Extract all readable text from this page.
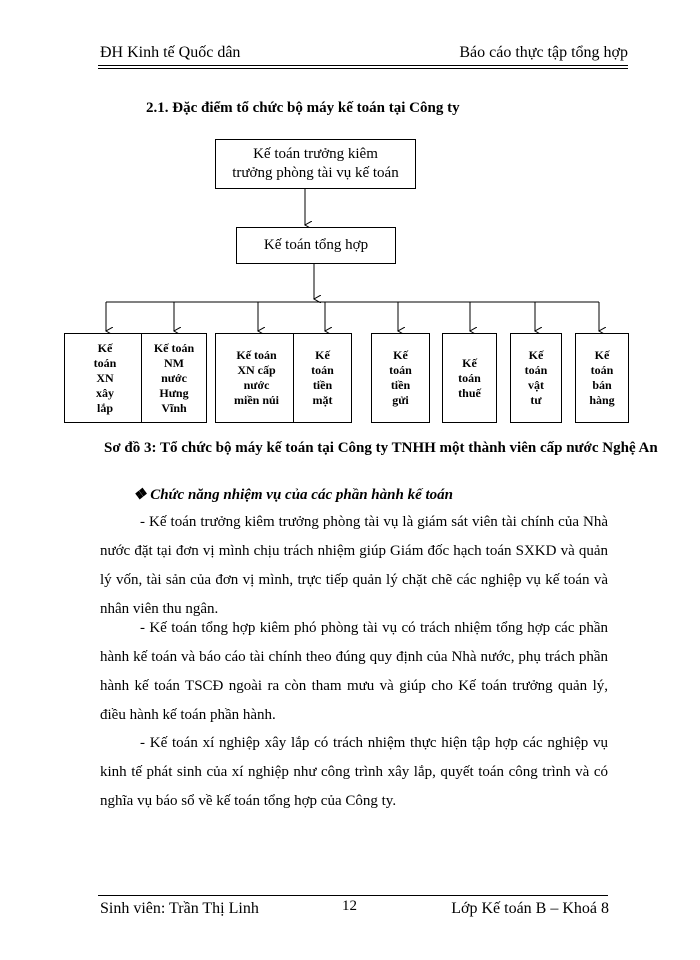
ĐH Kinh tế Quốc dân	Báo cáo thực tập tổng hợp
2.1. Đặc điểm tổ chức bộ máy kế toán tại Công ty
Kế toán trưởng kiêm
trưởng phòng tài vụ kế toán
Kế toán tổng hợp
Kế
toán
XN
xây
lắp
Kế toán
NM
nước
Hưng
Vĩnh
Kế toán
XN cấp
nước
miền núi
Kế
toán
tiền
mặt
Kế
toán
tiền
gửi
Kế
toán
thuế
Kế
toán
vật
tư
Kế
toán
bán
hàng
Sơ đồ 3: Tổ chức bộ máy kế toán tại Công ty TNHH một thành viên cấp nước Nghệ An
❖ Chức năng nhiệm vụ của các phần hành kế toán
- Kế toán trưởng kiêm trưởng phòng tài vụ là giám sát viên tài chính của Nhà nước đặt tại đơn vị mình chịu trách nhiệm giúp Giám đốc hạch toán SXKD và quản lý vốn, tài sản của đơn vị mình, trực tiếp quản lý chặt chẽ các nghiệp vụ kế toán và nhân viên thu ngân.
- Kế toán tổng hợp kiêm phó phòng tài vụ có trách nhiệm tổng hợp các phần hành kế toán và báo cáo tài chính theo đúng quy định của Nhà nước, phụ trách phần hành kế toán TSCĐ ngoài ra còn tham mưu và giúp cho Kế toán trưởng quản lý, điều hành kế toán phần hành.
- Kế toán xí nghiệp xây lắp có trách nhiệm thực hiện tập hợp các nghiệp vụ kinh tế phát sinh của xí nghiệp như công trình xây lắp, quyết toán công trình và có nghĩa vụ báo sổ về kế toán tổng hợp của Công ty.
Sinh viên: Trần Thị Linh	12	Lớp Kế toán B – Khoá 8
